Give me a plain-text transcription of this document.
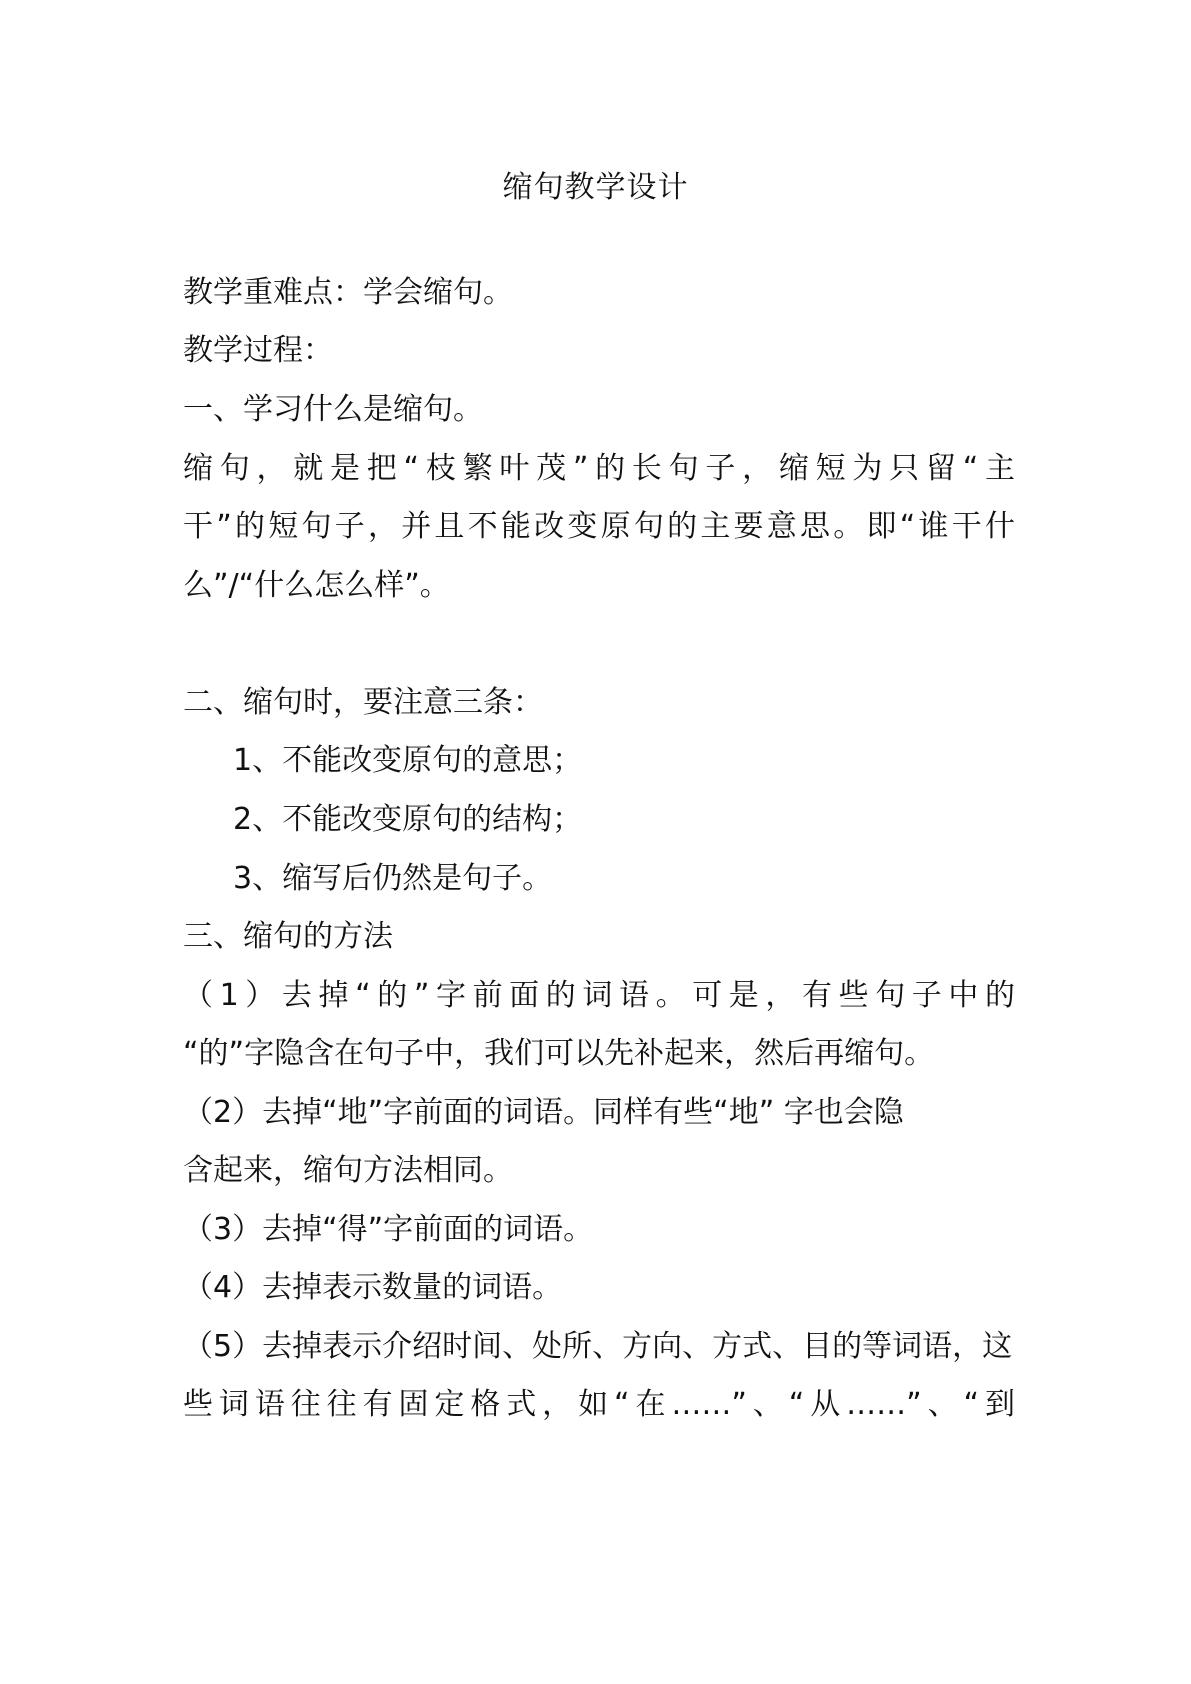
缩句教学设计
教学重难点：学会缩句。
教学过程：
一、学习什么是缩句。
缩句，就是把“枝繁叶茂”的长句子，缩短为只留“主
干”的短句子，并且不能改变原句的主要意思。即“谁干什
么”/“什么怎么样”。
二、缩句时，要注意三条：
1、不能改变原句的意思；
2、不能改变原句的结构；
3、缩写后仍然是句子。
三、缩句的方法
（1）去掉“的”字前面的词语。可是，有些句子中的
“的”字隐含在句子中，我们可以先补起来，然后再缩句。
（2）去掉“地”字前面的词语。同样有些“地” 字也会隐
含起来，缩句方法相同。
（3）去掉“得”字前面的词语。
（4）去掉表示数量的词语。
（5）去掉表示介绍时间、处所、方向、方式、目的等词语，这
些词语往往有固定格式，如“在……”、“从……”、“到
